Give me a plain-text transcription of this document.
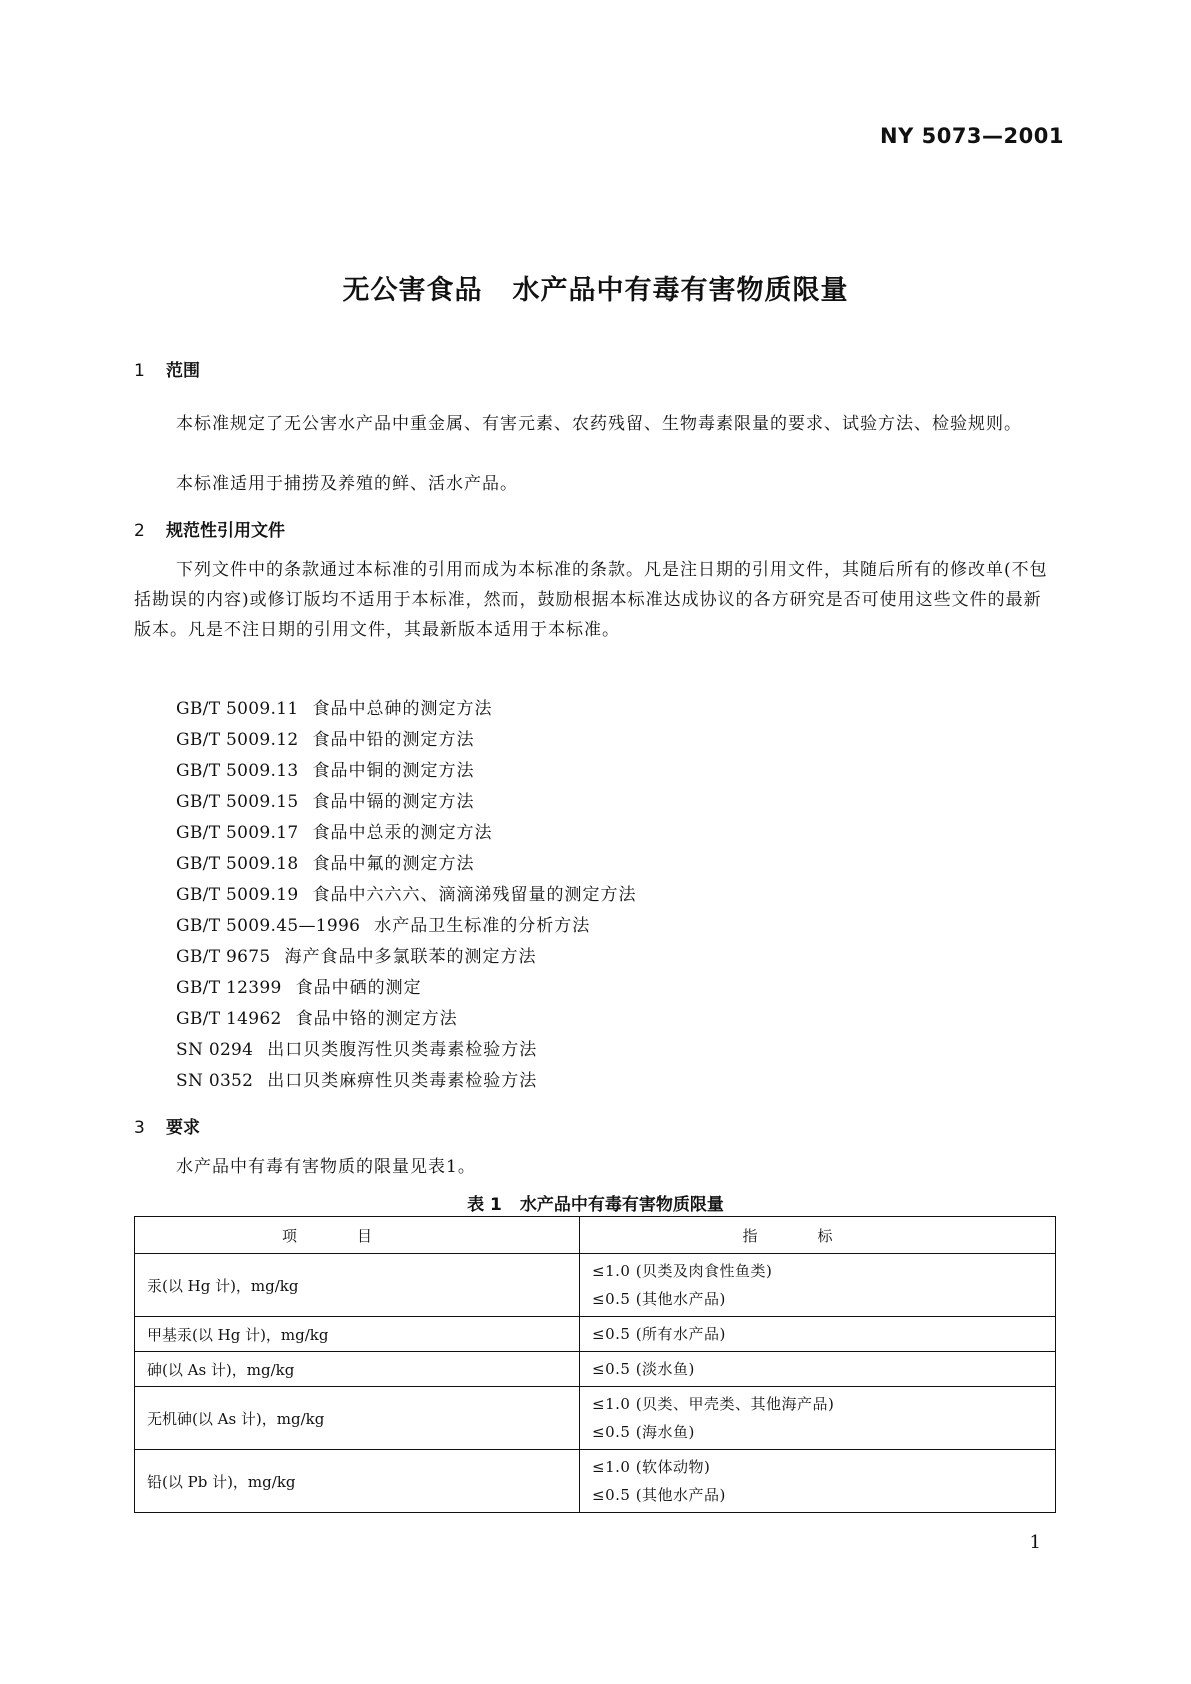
NY 5073—2001
无公害食品 水产品中有毒有害物质限量
1 范围
本标准规定了无公害水产品中重金属、有害元素、农药残留、生物毒素限量的要求、试验方法、检验规则。
本标准适用于捕捞及养殖的鲜、活水产品。
2 规范性引用文件
下列文件中的条款通过本标准的引用而成为本标准的条款。凡是注日期的引用文件，其随后所有的修改单(不包括勘误的内容)或修订版均不适用于本标准，然而，鼓励根据本标准达成协议的各方研究是否可使用这些文件的最新版本。凡是不注日期的引用文件，其最新版本适用于本标准。
GB/T 5009.11 食品中总砷的测定方法
GB/T 5009.12 食品中铅的测定方法
GB/T 5009.13 食品中铜的测定方法
GB/T 5009.15 食品中镉的测定方法
GB/T 5009.17 食品中总汞的测定方法
GB/T 5009.18 食品中氟的测定方法
GB/T 5009.19 食品中六六六、滴滴涕残留量的测定方法
GB/T 5009.45—1996 水产品卫生标准的分析方法
GB/T 9675 海产食品中多氯联苯的测定方法
GB/T 12399 食品中硒的测定
GB/T 14962 食品中铬的测定方法
SN 0294 出口贝类腹泻性贝类毒素检验方法
SN 0352 出口贝类麻痹性贝类毒素检验方法
3 要求
水产品中有毒有害物质的限量见表1。
表 1 水产品中有毒有害物质限量
项目	指标
汞(以 Hg 计)，mg/kg	≤1.0 (贝类及肉食性鱼类)
≤0.5 (其他水产品)

甲基汞(以 Hg 计)，mg/kg	≤0.5 (所有水产品)

砷(以 As 计)，mg/kg	≤0.5 (淡水鱼)

无机砷(以 As 计)，mg/kg	≤1.0 (贝类、甲壳类、其他海产品)
≤0.5 (海水鱼)

铅(以 Pb 计)，mg/kg	≤1.0 (软体动物)
≤0.5 (其他水产品)
1
